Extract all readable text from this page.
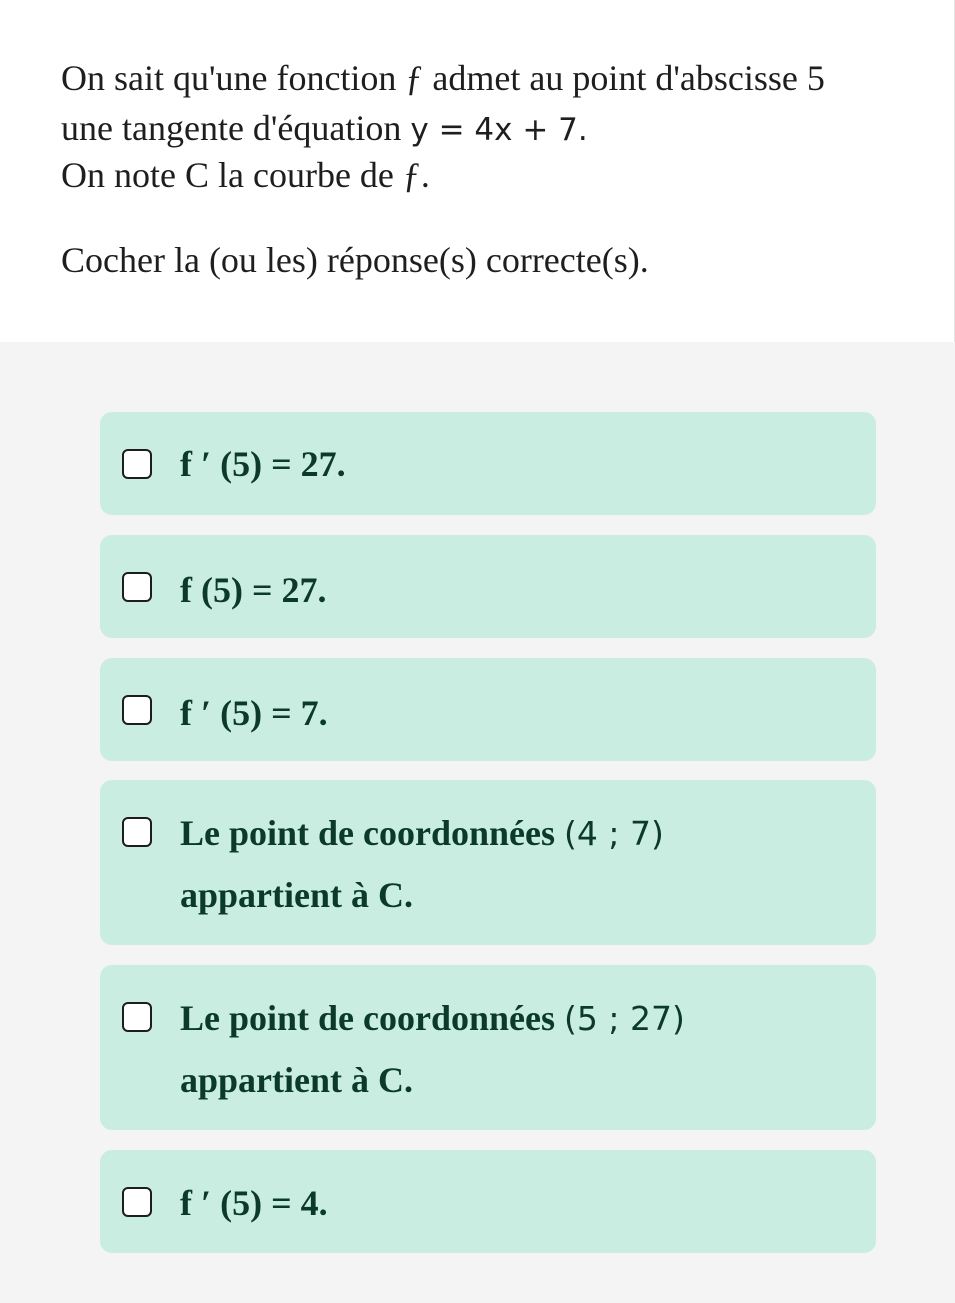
On sait qu'une fonction ƒ admet au point d'abscisse 5
une tangente d'équation y = 4x + 7.
On note C la courbe de ƒ.
Cocher la (ou les) réponse(s) correcte(s).
f ′ (5) = 27.
f (5) = 27.
f ′ (5) = 7.
Le point de coordonnées (4 ; 7)
appartient à C.
Le point de coordonnées (5 ; 27)
appartient à C.
f ′ (5) = 4.
